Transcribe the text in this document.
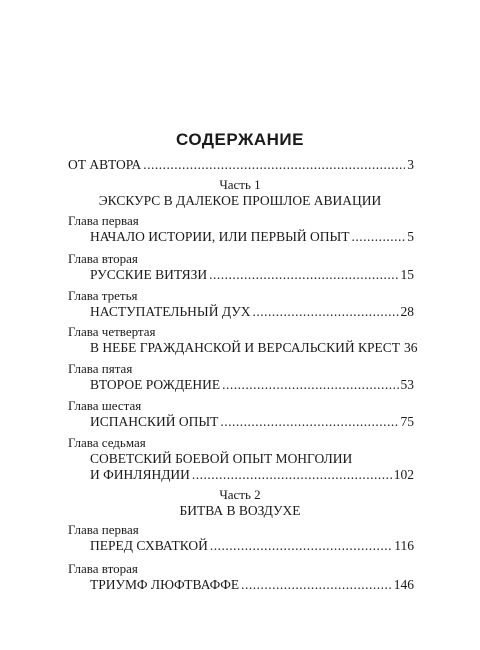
СОДЕРЖАНИЕ
ОТ АВТОРА .....	3
Часть 1
ЭКСКУРС В ДАЛЕКОЕ ПРОШЛОЕ АВИАЦИИ
Глава первая
НАЧАЛО ИСТОРИИ, ИЛИ ПЕРВЫЙ ОПЫТ .....	5
Глава вторая
РУССКИЕ ВИТЯЗИ .....	15
Глава третья
НАСТУПАТЕЛЬНЫЙ ДУХ .....	28
Глава четвертая
В НЕБЕ ГРАЖДАНСКОЙ И ВЕРСАЛЬСКИЙ КРЕСТ 36
Глава пятая
ВТОРОЕ РОЖДЕНИЕ .....	53
Глава шестая
ИСПАНСКИЙ ОПЫТ .....	75
Глава седьмая
СОВЕТСКИЙ БОЕВОЙ ОПЫТ МОНГОЛИИ
И ФИНЛЯНДИИ .....	102
Часть 2
БИТВА В ВОЗДУХЕ
Глава первая
ПЕРЕД СХВАТКОЙ .....	116
Глава вторая
ТРИУМФ ЛЮФТВАФФЕ .....	146
